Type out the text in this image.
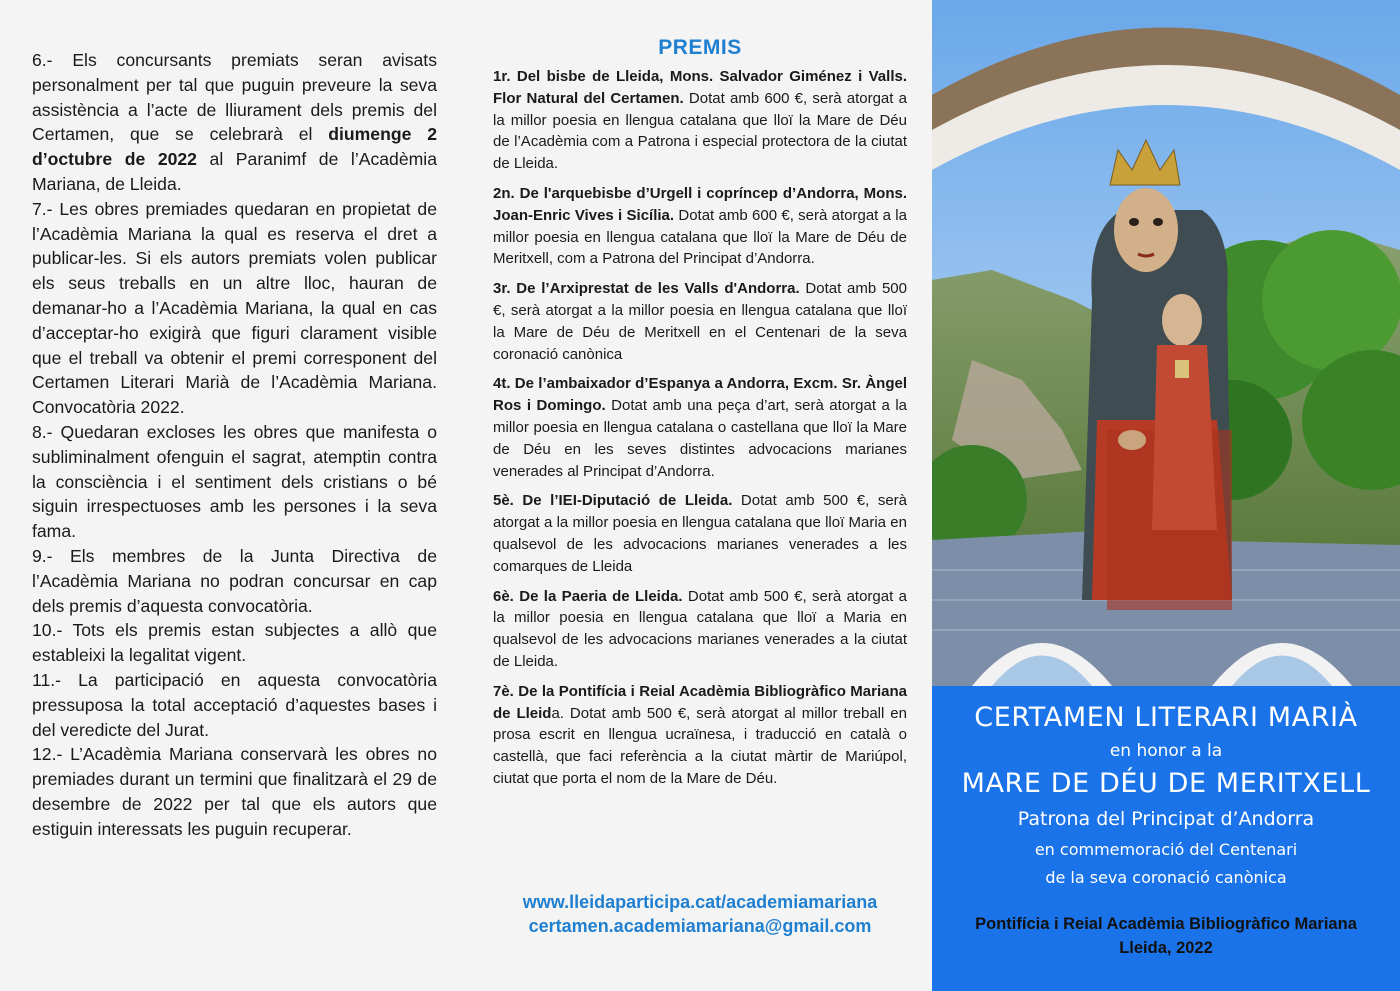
6.- Els concursants premiats seran avisats personalment per tal que puguin preveure la seva assistència a l’acte de lliurament dels premis del Certamen, que se celebrarà el diumenge 2 d’octubre de 2022 al Paranimf de l’Acadèmia Mariana, de Lleida.

7.- Les obres premiades quedaran en propietat de l’Acadèmia Mariana la qual es reserva el dret a publicar-les. Si els autors premiats volen publicar els seus treballs en un altre lloc, hauran de demanar-ho a l’Acadèmia Mariana, la qual en cas d’acceptar-ho exigirà que figuri clarament visible que el treball va obtenir el premi corresponent del Certamen Literari Marià de l’Acadèmia Mariana. Convocatòria 2022.

8.- Quedaran excloses les obres que manifesta o subliminalment ofenguin el sagrat, atemptin contra la consciència i el sentiment dels cristians o bé siguin irrespectuoses amb les persones i la seva fama.

9.- Els membres de la Junta Directiva de l’Acadèmia Mariana no podran concursar en cap dels premis d’aquesta convocatòria.

10.- Tots els premis estan subjectes a allò que estableixi la legalitat vigent.

11.- La participació en aquesta convocatòria pressuposa la total acceptació d’aquestes bases i del veredicte del Jurat.

12.- L’Acadèmia Mariana conservarà les obres no premiades durant un termini que finalitzarà el 29 de desembre de 2022 per tal que els autors que estiguin interessats les puguin recuperar.

PREMIS

1r. Del bisbe de Lleida, Mons. Salvador Giménez i Valls. Flor Natural del Certamen. Dotat amb 600 €, serà atorgat a la millor poesia en llengua catalana que lloï la Mare de Déu de l’Acadèmia com a Patrona i especial protectora de la ciutat de Lleida.

2n. De l'arquebisbe d’Urgell i copríncep d’Andorra, Mons. Joan-Enric Vives i Sicília. Dotat amb 600 €, serà atorgat a la millor poesia en llengua catalana que lloï la Mare de Déu de Meritxell, com a Patrona del Principat d’Andorra.

3r. De l’Arxiprestat de les Valls d'Andorra. Dotat amb 500 €, serà atorgat a la millor poesia en llengua catalana que lloï la Mare de Déu de Meritxell en el Centenari de la seva coronació canònica

4t. De l’ambaixador d’Espanya a Andorra, Excm. Sr. Àngel Ros i Domingo. Dotat amb una peça d’art, serà atorgat a la millor poesia en llengua catalana o castellana que lloï la Mare de Déu en les seves distintes advocacions marianes venerades al Principat d’Andorra.

5è. De l’IEI-Diputació de Lleida. Dotat amb 500 €, serà atorgat a la millor poesia en llengua catalana que lloï Maria en qualsevol de les advocacions marianes venerades a les comarques de Lleida

6è. De la Paeria de Lleida. Dotat amb 500 €, serà atorgat a la millor poesia en llengua catalana que lloï a Maria en qualsevol de les advocacions marianes venerades a la ciutat de Lleida.

7è. De la Pontifícia i Reial Acadèmia Bibliogràfico Mariana de Lleida. Dotat amb 500 €, serà atorgat al millor treball en prosa escrit en llengua ucraïnesa, i traducció en català o castellà, que faci referència a la ciutat màrtir de Mariúpol, ciutat que porta el nom de la Mare de Déu.

www.lleidaparticipa.cat/academiamariana
certamen.academiamariana@gmail.com
CERTAMEN LITERARI MARIÀ
en honor a la
MARE DE DÉU DE MERITXELL
Patrona del Principat d’Andorra
en commemoració del Centenari
de la seva coronació canònica
Pontifícia i Reial Acadèmia Bibliogràfico Mariana
Lleida, 2022
